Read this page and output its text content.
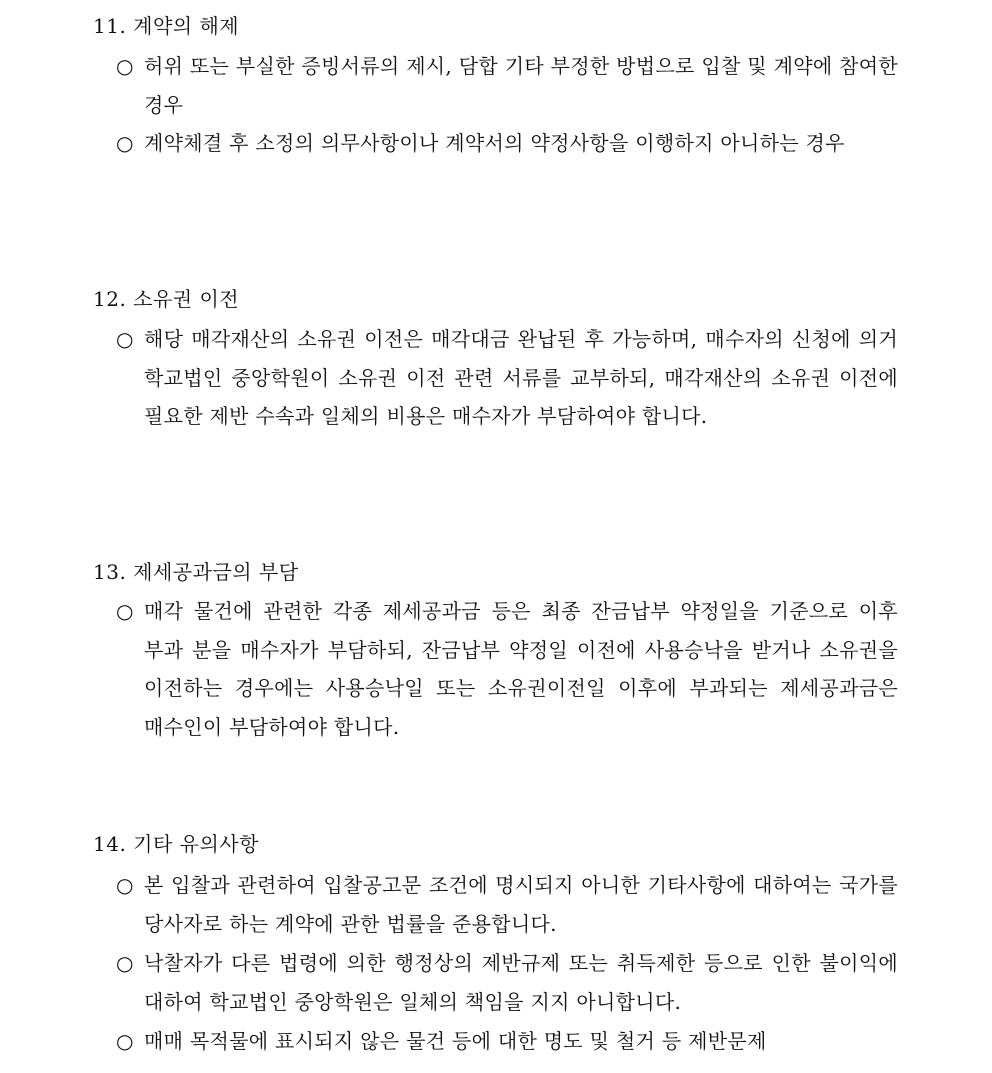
11. 계약의 해제
○ 허위 또는 부실한 증빙서류의 제시, 담합 기타 부정한 방법으로 입찰 및 계약에 참여한 경우
○ 계약체결 후 소정의 의무사항이나 계약서의 약정사항을 이행하지 아니하는 경우
12. 소유권 이전
○ 해당 매각재산의 소유권 이전은 매각대금 완납된 후 가능하며, 매수자의 신청에 의거 학교법인 중앙학원이 소유권 이전 관련 서류를 교부하되, 매각재산의 소유권 이전에 필요한 제반 수속과 일체의 비용은 매수자가 부담하여야 합니다.
13. 제세공과금의 부담
○ 매각 물건에 관련한 각종 제세공과금 등은 최종 잔금납부 약정일을 기준으로 이후 부과 분을 매수자가 부담하되, 잔금납부 약정일 이전에 사용승낙을 받거나 소유권을 이전하는 경우에는 사용승낙일 또는 소유권이전일 이후에 부과되는 제세공과금은 매수인이 부담하여야 합니다.
14. 기타 유의사항
○ 본 입찰과 관련하여 입찰공고문 조건에 명시되지 아니한 기타사항에 대하여는 국가를 당사자로 하는 계약에 관한 법률을 준용합니다.
○ 낙찰자가 다른 법령에 의한 행정상의 제반규제 또는 취득제한 등으로 인한 불이익에 대하여 학교법인 중앙학원은 일체의 책임을 지지 아니합니다.
○ 매매 목적물에 표시되지 않은 물건 등에 대한 명도 및 철거 등 제반문제
